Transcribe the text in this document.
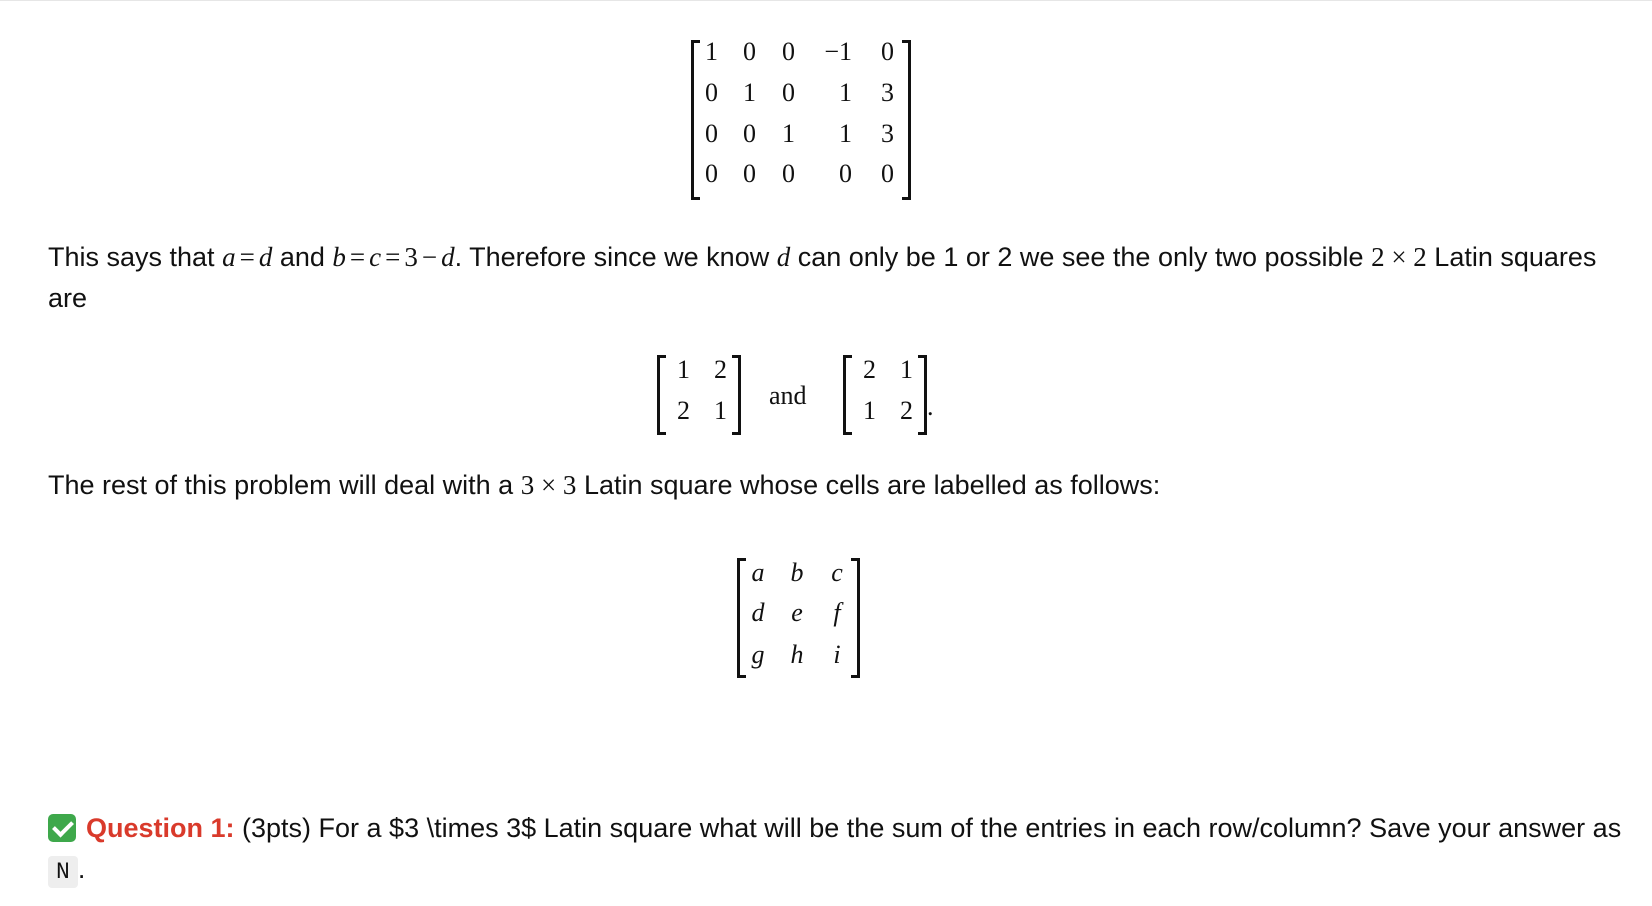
1 0 0 −1 0
0 1 0 1 3
0 0 1 1 3
0 0 0 0 0
This says that a = d and b = c = 3 − d. Therefore since we know d can only be 1 or 2 we see the only two possible 2 × 2 Latin squares are
1 2
2 1
and
2 1
1 2 .
The rest of this problem will deal with a 3 × 3 Latin square whose cells are labelled as follows:
a b c
d e	f
g h	i
Question 1: (3pts) For a $3 \times 3$ Latin square what will be the sum of the entries in each row/column? Save your answer as N .
